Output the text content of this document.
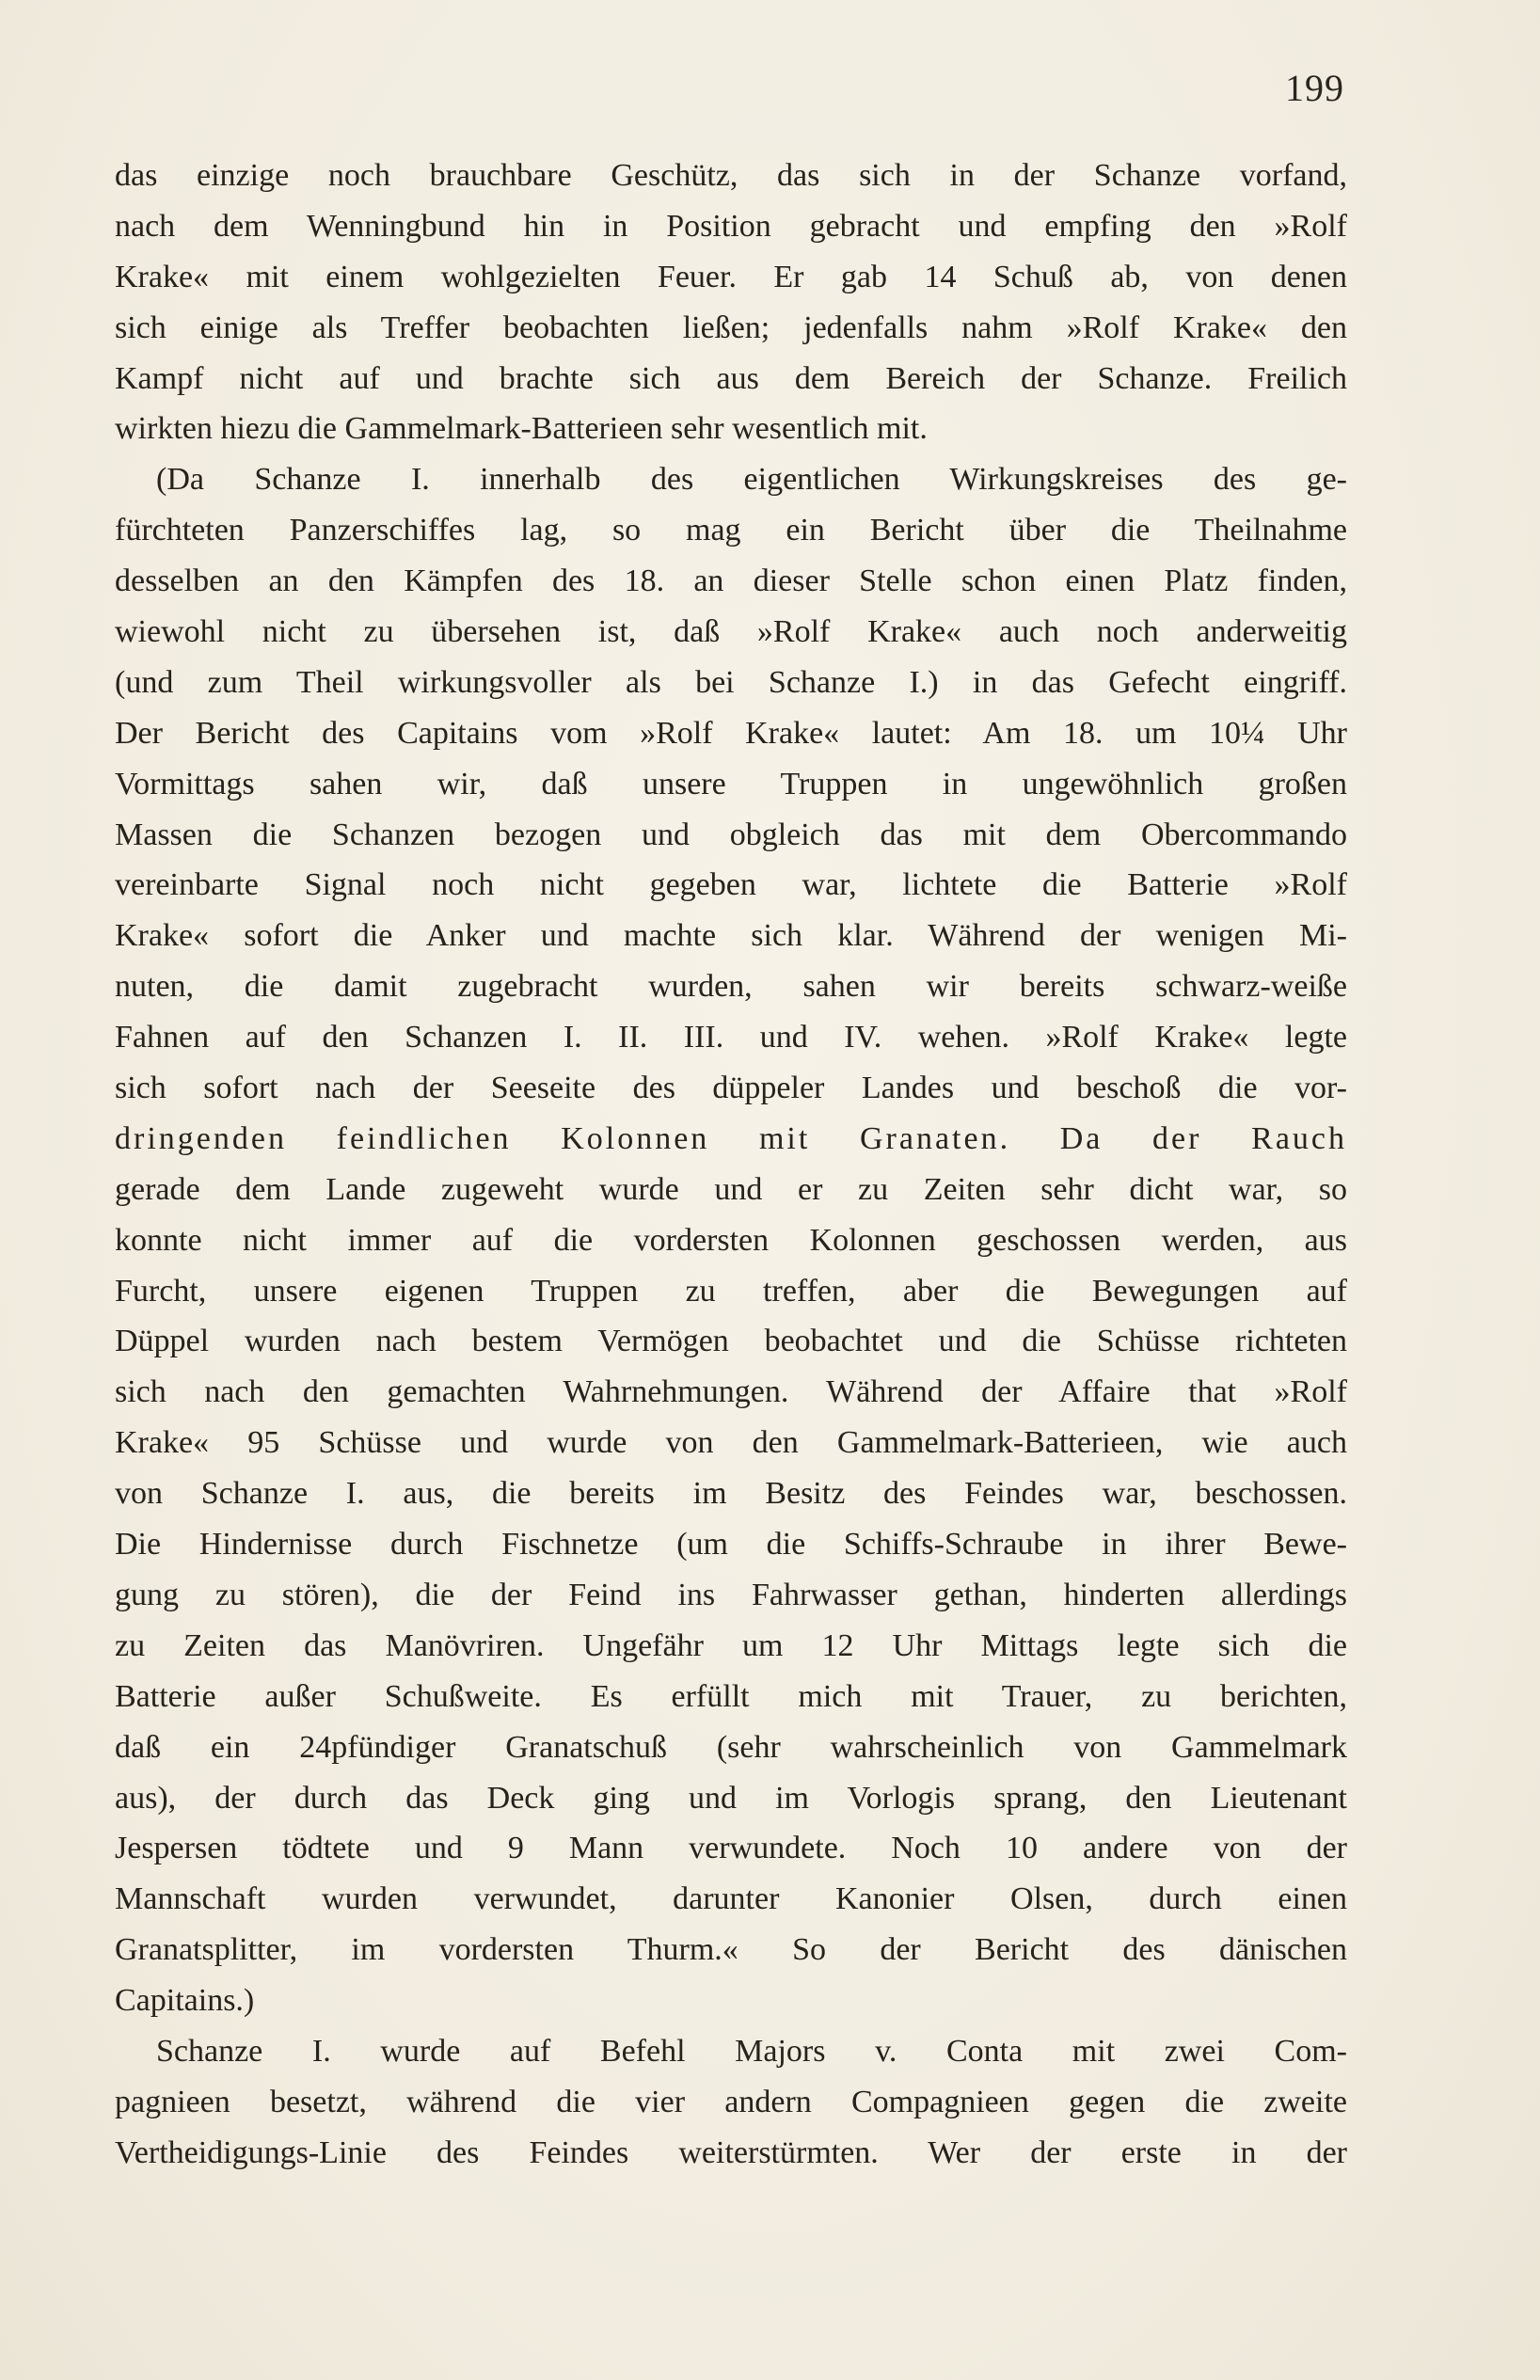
199
das einzige noch brauchbare Geschütz, das sich in der Schanze vorfand,
nach dem Wenningbund hin in Position gebracht und empfing den »Rolf
Krake« mit einem wohlgezielten Feuer. Er gab 14 Schuß ab, von denen
sich einige als Treffer beobachten ließen; jedenfalls nahm »Rolf Krake« den
Kampf nicht auf und brachte sich aus dem Bereich der Schanze. Freilich
wirkten hiezu die Gammelmark-Batterieen sehr wesentlich mit.
(Da Schanze I. innerhalb des eigentlichen Wirkungskreises des ge-
fürchteten Panzerschiffes lag, so mag ein Bericht über die Theilnahme
desselben an den Kämpfen des 18. an dieser Stelle schon einen Platz finden,
wiewohl nicht zu übersehen ist, daß »Rolf Krake« auch noch anderweitig
(und zum Theil wirkungsvoller als bei Schanze I.) in das Gefecht eingriff.
Der Bericht des Capitains vom »Rolf Krake« lautet: Am 18. um 10¼ Uhr
Vormittags sahen wir, daß unsere Truppen in ungewöhnlich großen
Massen die Schanzen bezogen und obgleich das mit dem Obercommando
vereinbarte Signal noch nicht gegeben war, lichtete die Batterie »Rolf
Krake« sofort die Anker und machte sich klar. Während der wenigen Mi-
nuten, die damit zugebracht wurden, sahen wir bereits schwarz-weiße
Fahnen auf den Schanzen I. II. III. und IV. wehen. »Rolf Krake« legte
sich sofort nach der Seeseite des düppeler Landes und beschoß die vor-
dringenden feindlichen Kolonnen mit Granaten. Da der Rauch
gerade dem Lande zugeweht wurde und er zu Zeiten sehr dicht war, so
konnte nicht immer auf die vordersten Kolonnen geschossen werden, aus
Furcht, unsere eigenen Truppen zu treffen, aber die Bewegungen auf
Düppel wurden nach bestem Vermögen beobachtet und die Schüsse richteten
sich nach den gemachten Wahrnehmungen. Während der Affaire that »Rolf
Krake« 95 Schüsse und wurde von den Gammelmark-Batterieen, wie auch
von Schanze I. aus, die bereits im Besitz des Feindes war, beschossen.
Die Hindernisse durch Fischnetze (um die Schiffs-Schraube in ihrer Bewe-
gung zu stören), die der Feind ins Fahrwasser gethan, hinderten allerdings
zu Zeiten das Manövriren. Ungefähr um 12 Uhr Mittags legte sich die
Batterie außer Schußweite. Es erfüllt mich mit Trauer, zu berichten,
daß ein 24pfündiger Granatschuß (sehr wahrscheinlich von Gammelmark
aus), der durch das Deck ging und im Vorlogis sprang, den Lieutenant
Jespersen tödtete und 9 Mann verwundete. Noch 10 andere von der
Mannschaft wurden verwundet, darunter Kanonier Olsen, durch einen
Granatsplitter, im vordersten Thurm.« So der Bericht des dänischen
Capitains.)
Schanze I. wurde auf Befehl Majors v. Conta mit zwei Com-
pagnieen besetzt, während die vier andern Compagnieen gegen die zweite
Vertheidigungs-Linie des Feindes weiterstürmten. Wer der erste in der
